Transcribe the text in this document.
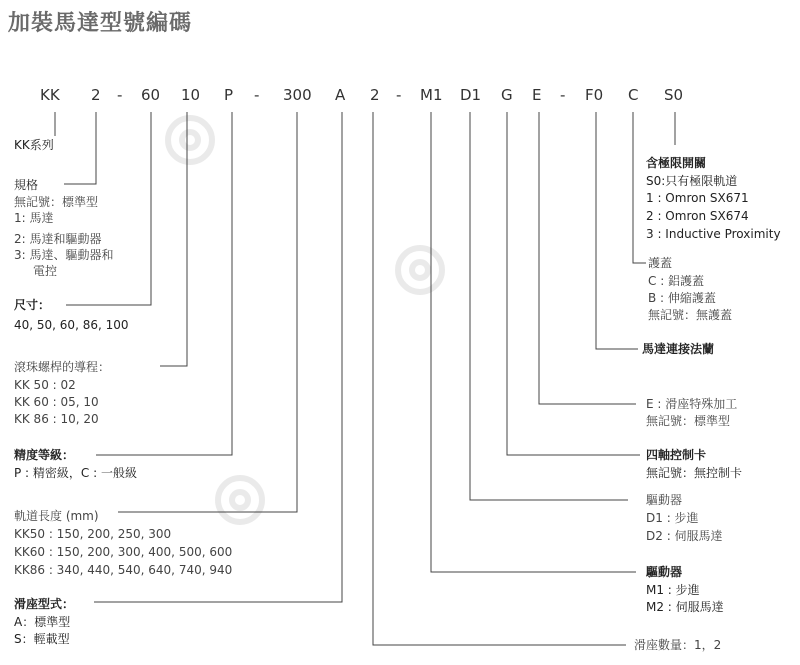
加裝馬達型號編碼
KK 2 - 60 10 P - 300 A 2 - M1 D1 G E - F0 C S0
KK系列
規格
無記號：標準型
1: 馬達
2: 馬達和驅動器
3: 馬達、驅動器和
電控
尺寸：
40, 50, 60, 86, 100
滾珠螺桿的導程：
KK 50 : 02
KK 60 : 05, 10
KK 86 : 10, 20
精度等級：
P : 精密級，C : 一般級
軌道長度 (mm)
KK50 : 150, 200, 250, 300
KK60 : 150, 200, 300, 400, 500, 600
KK86 : 340, 440, 540, 640, 740, 940
滑座型式：
A：標準型
S：輕載型
含極限開關
S0:只有極限軌道
1 : Omron SX671
2 : Omron SX674
3 : Inductive Proximity
護蓋
C : 鋁護蓋
B : 伸縮護蓋
無記號：無護蓋
馬達連接法蘭
E : 滑座特殊加工
無記號：標準型
四軸控制卡
無記號：無控制卡
驅動器
D1 : 步進
D2 : 伺服馬達
驅動器
M1 : 步進
M2 : 伺服馬達
滑座數量：1，2
